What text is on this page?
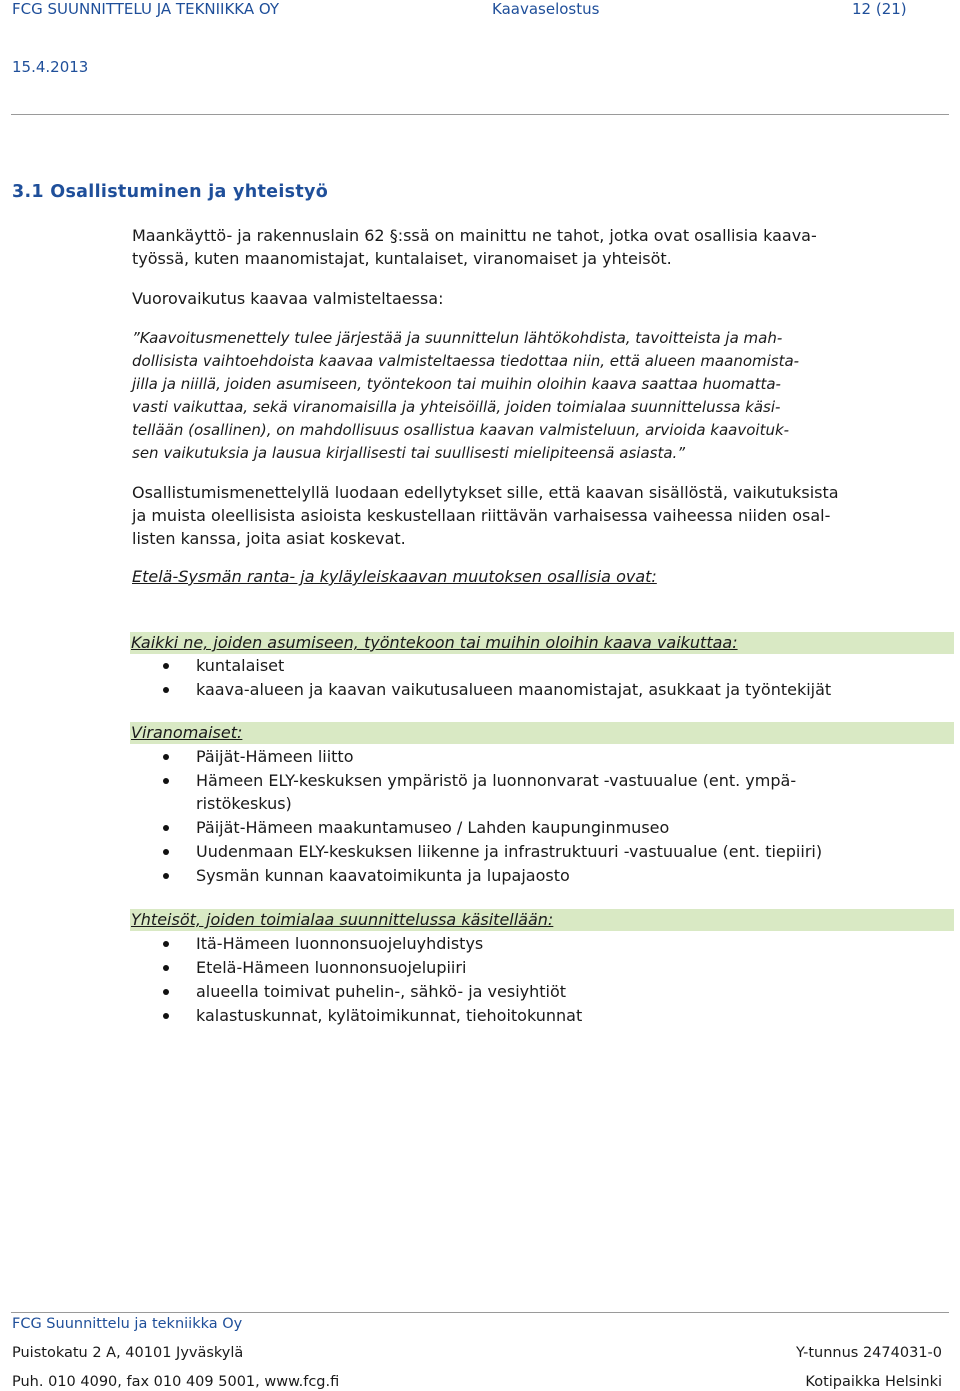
FCG SUUNNITTELU JA TEKNIIKKA OY	Kaavaselostus	12 (21)
15.4.2013
3.1 Osallistuminen ja yhteistyö
Maankäyttö- ja rakennuslain 62 §:ssä on mainittu ne tahot, jotka ovat osallisia kaava-
työssä, kuten maanomistajat, kuntalaiset, viranomaiset ja yhteisöt.
Vuorovaikutus kaavaa valmisteltaessa:
”Kaavoitusmenettely tulee järjestää ja suunnittelun lähtökohdista, tavoitteista ja mah-
dollisista vaihtoehdoista kaavaa valmisteltaessa tiedottaa niin, että alueen maanomista-
jilla ja niillä, joiden asumiseen, työntekoon tai muihin oloihin kaava saattaa huomatta-
vasti vaikuttaa, sekä viranomaisilla ja yhteisöillä, joiden toimialaa suunnittelussa käsi-
tellään (osallinen), on mahdollisuus osallistua kaavan valmisteluun, arvioida kaavoituk-
sen vaikutuksia ja lausua kirjallisesti tai suullisesti mielipiteensä asiasta.”
Osallistumismenettelyllä luodaan edellytykset sille, että kaavan sisällöstä, vaikutuksista
ja muista oleellisista asioista keskustellaan riittävän varhaisessa vaiheessa niiden osal-
listen kanssa, joita asiat koskevat.
Etelä-Sysmän ranta- ja kyläyleiskaavan muutoksen osallisia ovat:
Kaikki ne, joiden asumiseen, työntekoon tai muihin oloihin kaava vaikuttaa:
kuntalaiset
kaava-alueen ja kaavan vaikutusalueen maanomistajat, asukkaat ja työntekijät
Viranomaiset:
Päijät-Hämeen liitto
Hämeen ELY-keskuksen ympäristö ja luonnonvarat -vastuualue (ent. ympä-
ristökeskus)
Päijät-Hämeen maakuntamuseo / Lahden kaupunginmuseo
Uudenmaan ELY-keskuksen liikenne ja infrastruktuuri -vastuualue (ent. tiepiiri)
Sysmän kunnan kaavatoimikunta ja lupajaosto
Yhteisöt, joiden toimialaa suunnittelussa käsitellään:
Itä-Hämeen luonnonsuojeluyhdistys
Etelä-Hämeen luonnonsuojelupiiri
alueella toimivat puhelin-, sähkö- ja vesiyhtiöt
kalastuskunnat, kylätoimikunnat, tiehoitokunnat
FCG Suunnittelu ja tekniikka Oy
Puistokatu 2 A, 40101 Jyväskylä	Y-tunnus 2474031-0
Puh. 010 4090, fax 010 409 5001, www.fcg.fi	Kotipaikka Helsinki
